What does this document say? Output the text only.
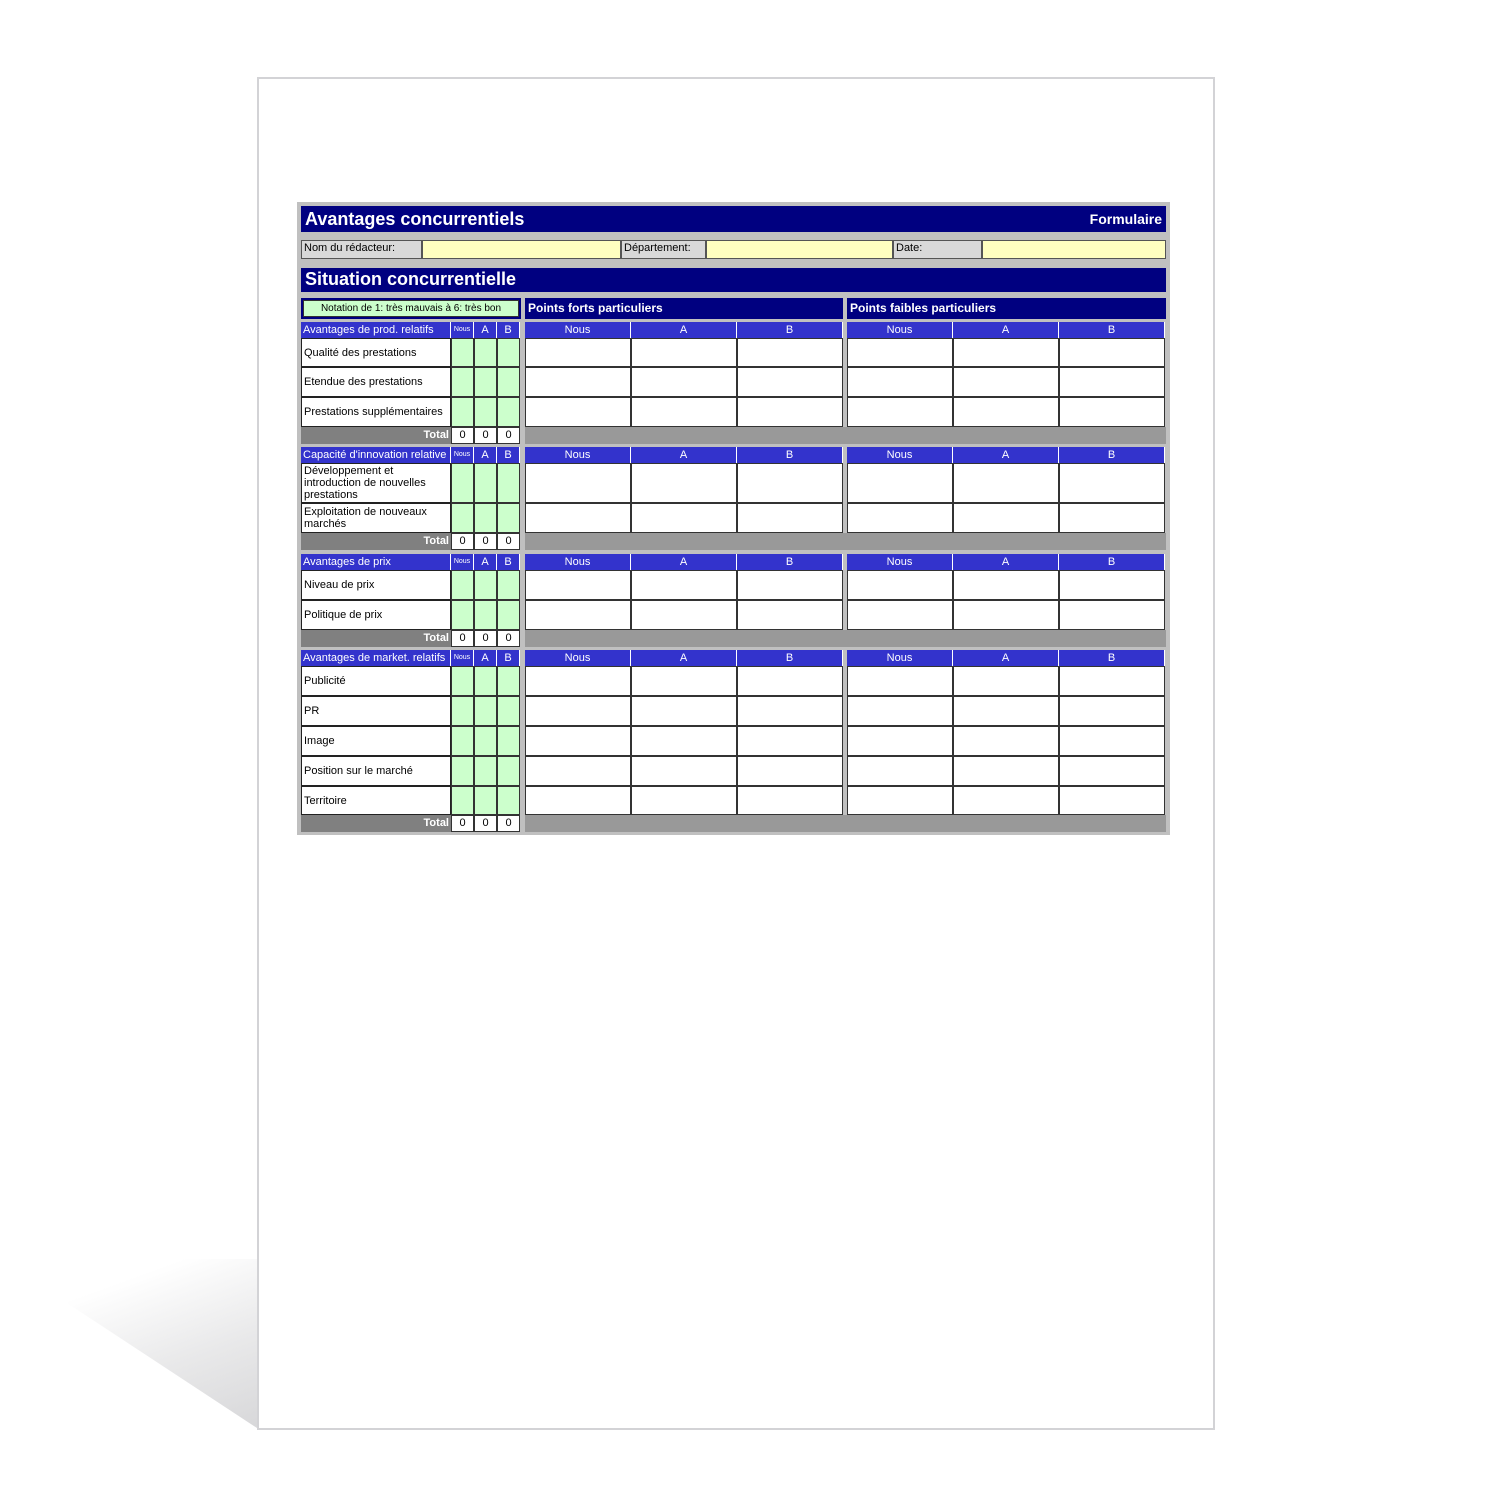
Avantages concurrentiels	Formulaire
Nom du rédacteur:	Département:	Date:
Situation concurrentielle
Notation de 1: très mauvais à 6: très bon	Points forts particuliers	Points faibles particuliers
Avantages de prod. relatifs	Nous	A	B	Nous	A	B	Nous	A	B
Qualité des prestations
Etendue des prestations
Prestations supplémentaires
Total 0	0	0
Capacité d'innovation relative	Nous	A	B	Nous	A	B	Nous	A	B
Développement et introduction de nouvelles prestations
Exploitation de nouveaux marchés
Total 0	0	0
Avantages de prix	Nous	A	B	Nous	A	B	Nous	A	B
Niveau de prix
Politique de prix
Total 0	0	0
Avantages de market. relatifs	Nous	A	B	Nous	A	B	Nous	A	B
Publicité
PR
Image
Position sur le marché
Territoire
Total 0	0	0
